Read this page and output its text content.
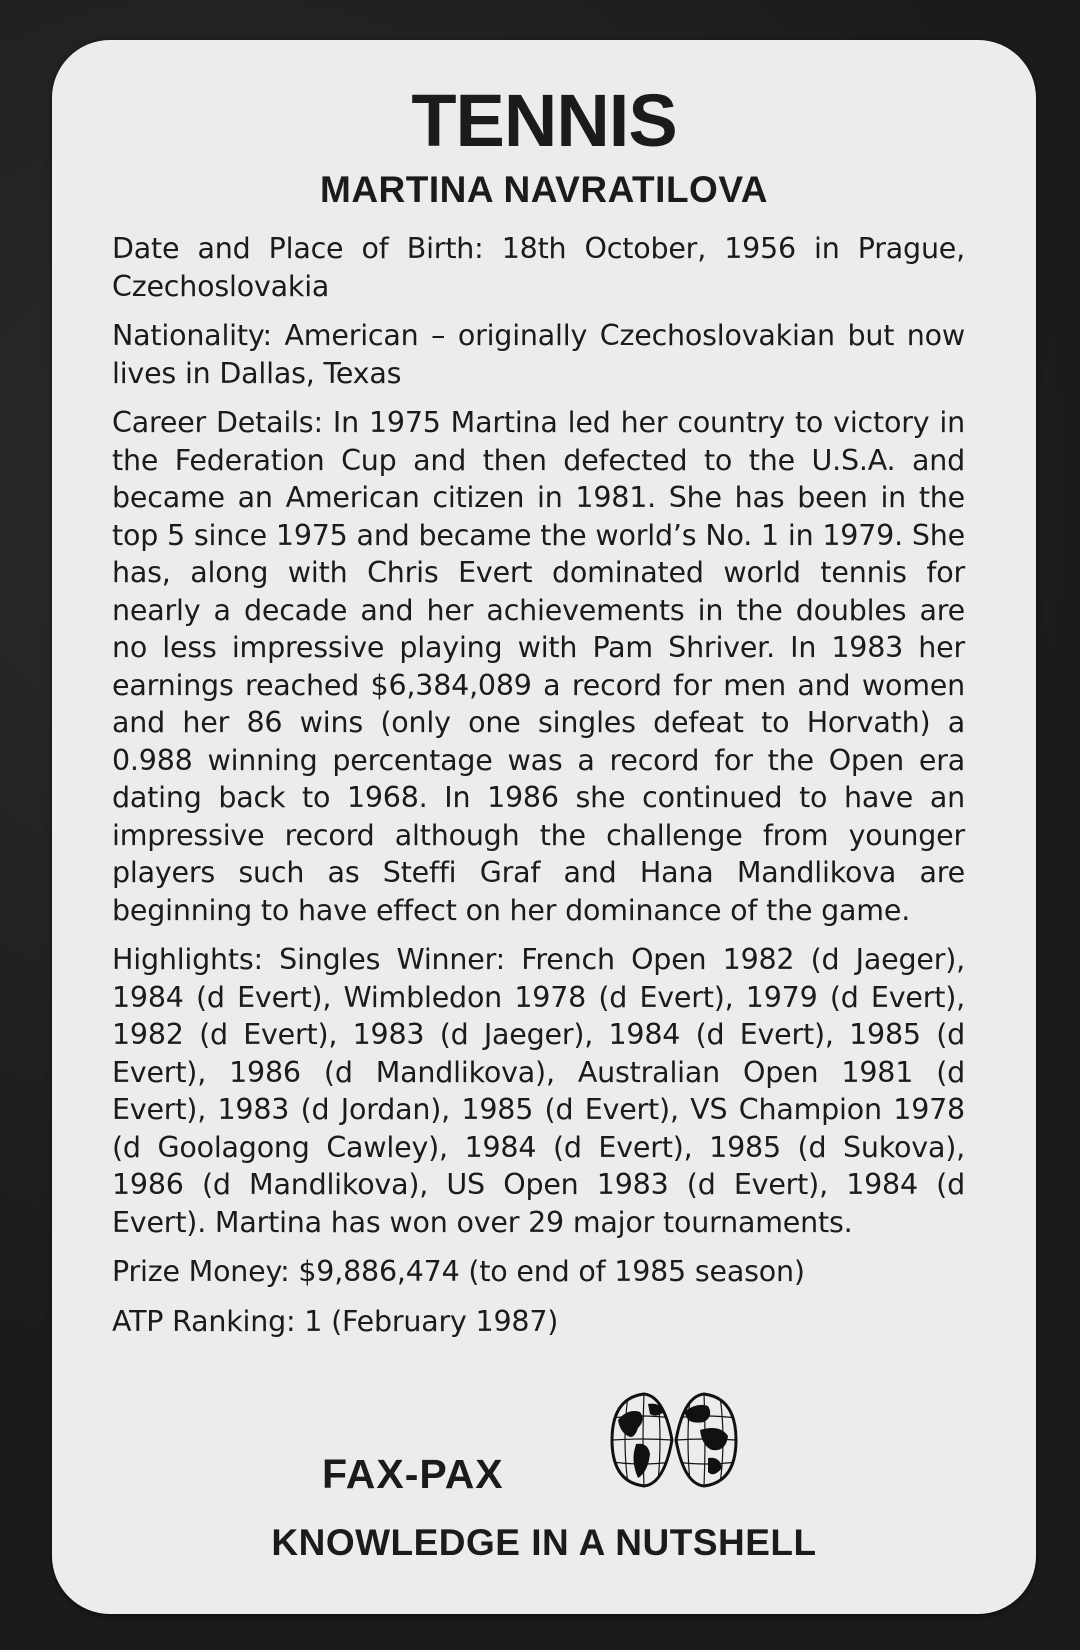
TENNIS
MARTINA NAVRATILOVA

Date and Place of Birth: 18th October, 1956 in Prague, Czechoslovakia

Nationality: American – originally Czechoslovakian but now lives in Dallas, Texas

Career Details: In 1975 Martina led her country to victory in the Federation Cup and then defected to the U.S.A. and became an American citizen in 1981. She has been in the top 5 since 1975 and became the world’s No. 1 in 1979. She has, along with Chris Evert dominated world tennis for nearly a decade and her achievements in the doubles are no less impressive playing with Pam Shriver. In 1983 her earnings reached $6,384,089 a record for men and women and her 86 wins (only one singles defeat to Horvath) a 0.988 winning percentage was a record for the Open era dating back to 1968. In 1986 she continued to have an impressive record although the challenge from younger players such as Steffi Graf and Hana Mandlikova are beginning to have effect on her dominance of the game.

Highlights: Singles Winner: French Open 1982 (d Jaeger), 1984 (d Evert), Wimbledon 1978 (d Evert), 1979 (d Evert), 1982 (d Evert), 1983 (d Jaeger), 1984 (d Evert), 1985 (d Evert), 1986 (d Mandlikova), Australian Open 1981 (d Evert), 1983 (d Jordan), 1985 (d Evert), VS Champion 1978 (d Goolagong Cawley), 1984 (d Evert), 1985 (d Sukova), 1986 (d Mandlikova), US Open 1983 (d Evert), 1984 (d Evert). Martina has won over 29 major tournaments.

Prize Money: $9,886,474 (to end of 1985 season)

ATP Ranking: 1 (February 1987)

FAX-PAX
KNOWLEDGE IN A NUTSHELL
